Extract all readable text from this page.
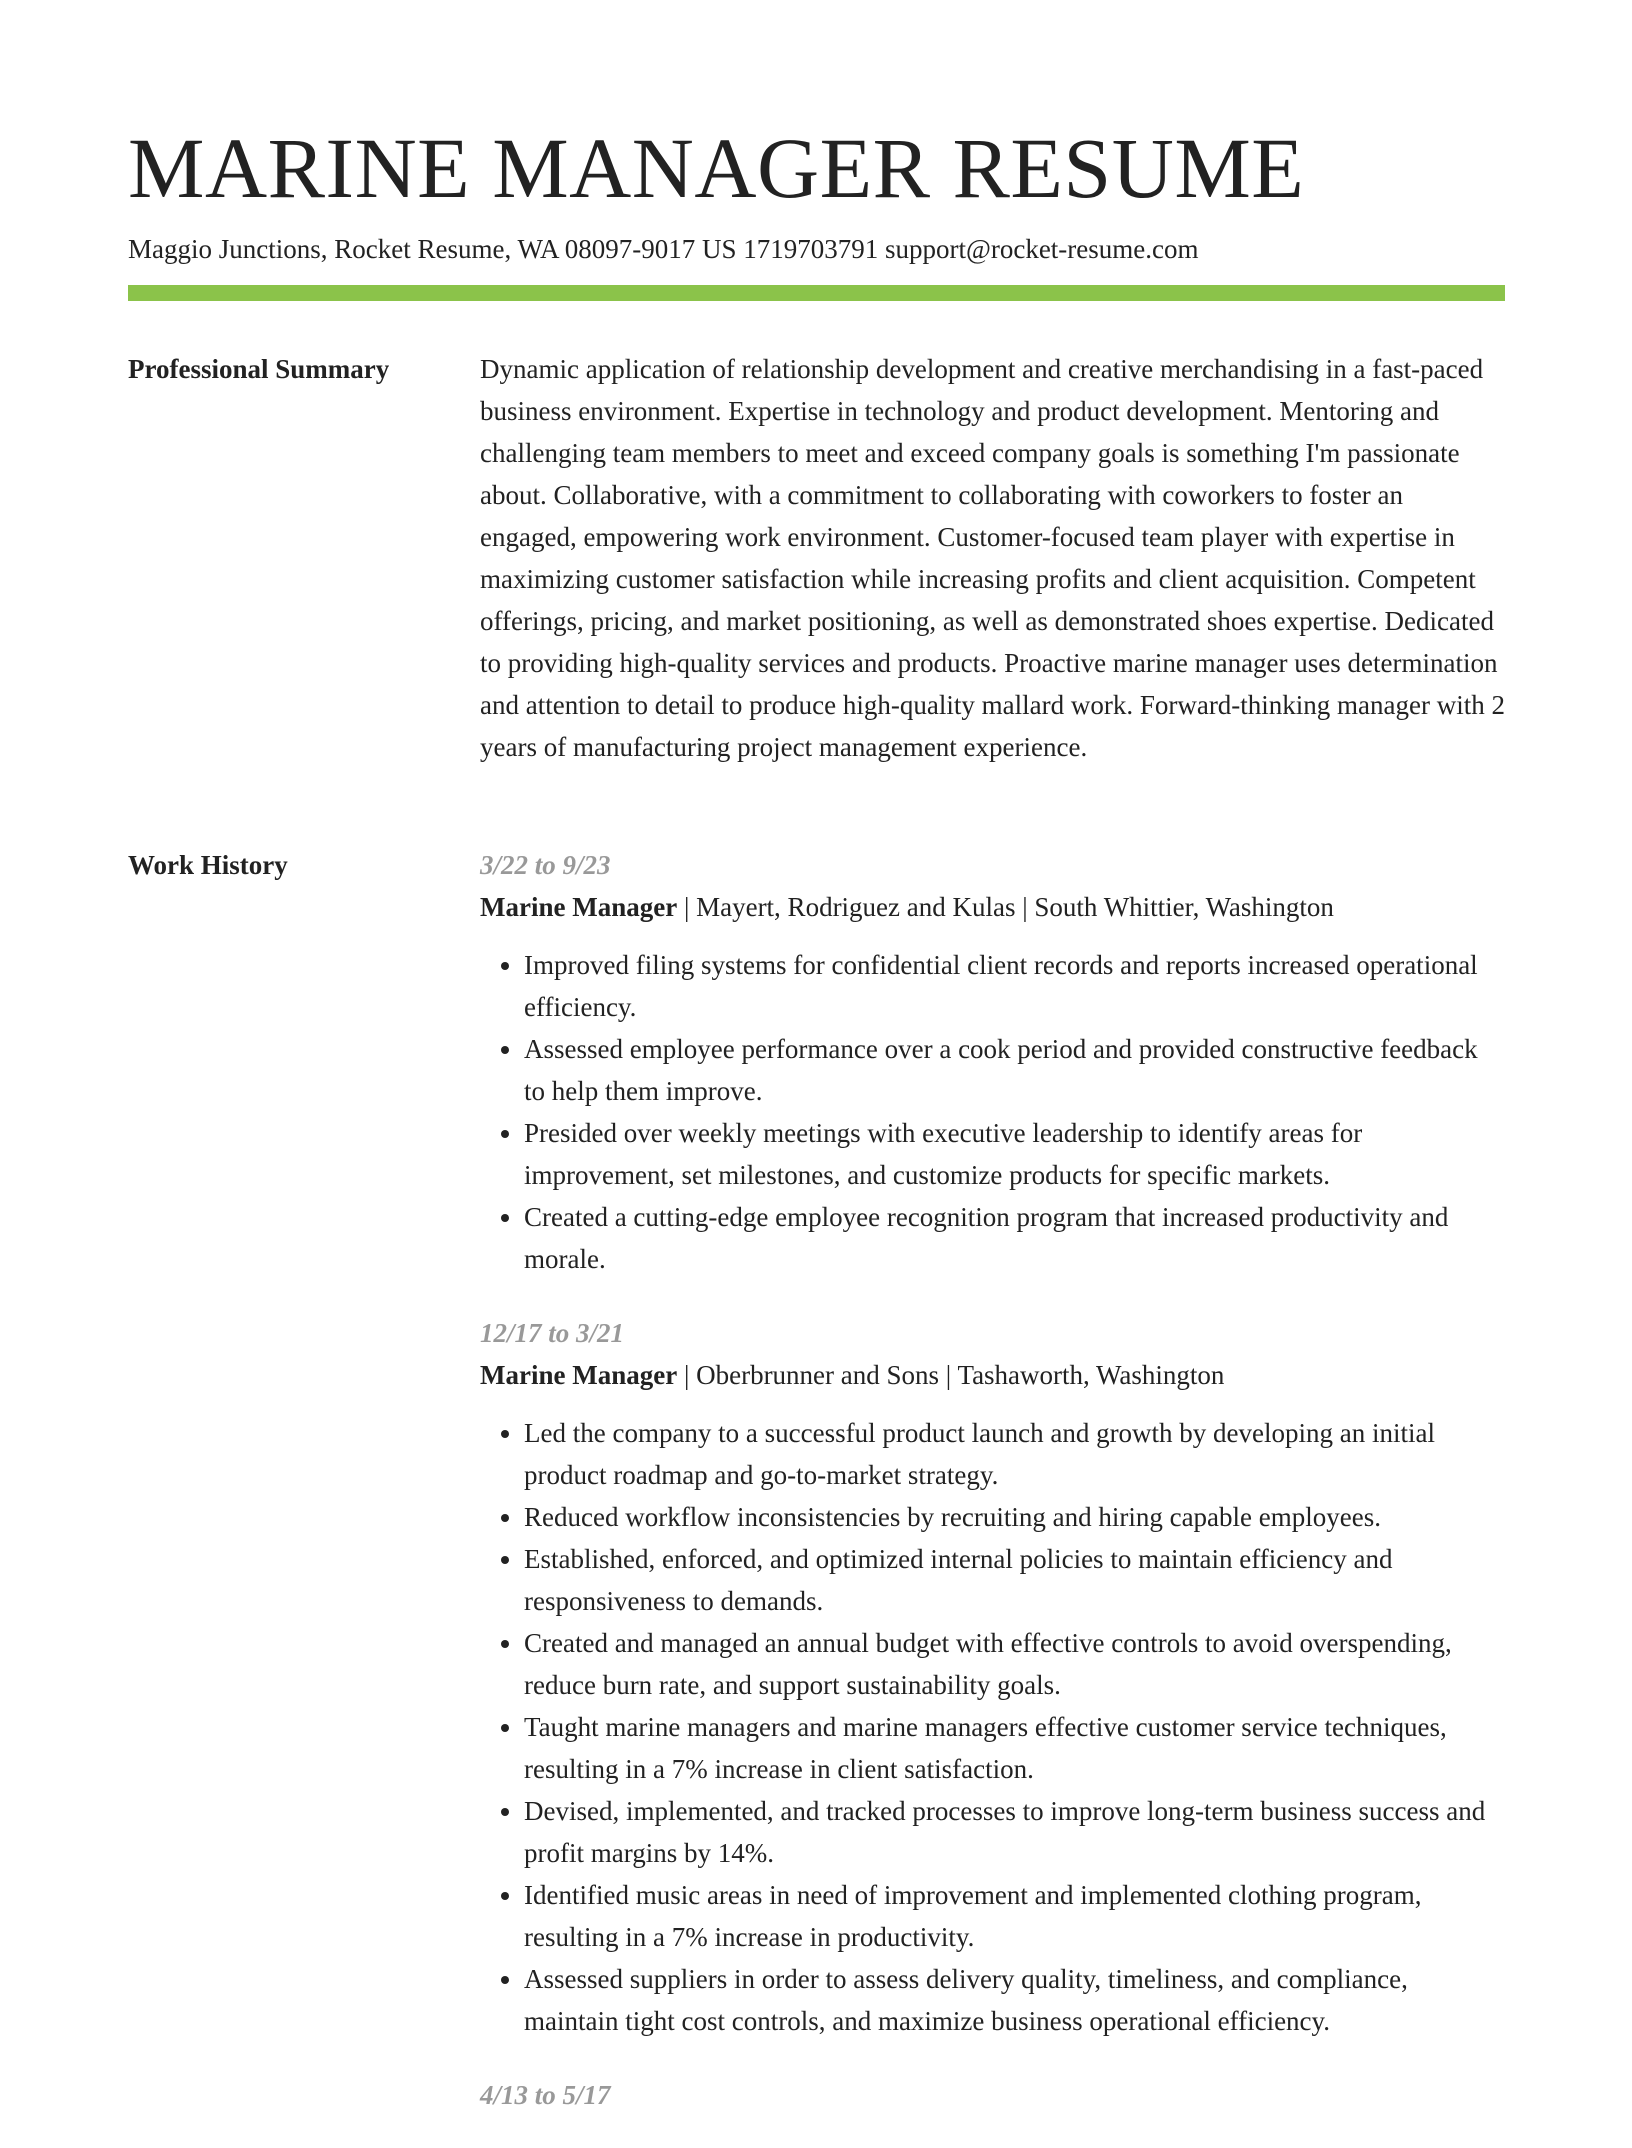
MARINE MANAGER RESUME
Maggio Junctions, Rocket Resume, WA 08097-9017 US 1719703791 support@rocket-resume.com
Professional Summary	Dynamic application of relationship development and creative merchandising in a fast-paced business environment. Expertise in technology and product development. Mentoring and challenging team members to meet and exceed company goals is something I'm passionate about. Collaborative, with a commitment to collaborating with coworkers to foster an engaged, empowering work environment. Customer-focused team player with expertise in maximizing customer satisfaction while increasing profits and client acquisition. Competent offerings, pricing, and market positioning, as well as demonstrated shoes expertise. Dedicated to providing high-quality services and products. Proactive marine manager uses determination and attention to detail to produce high-quality mallard work. Forward-thinking manager with 2 years of manufacturing project management experience.

Work History	3/22 to 9/23
Marine Manager | Mayert, Rodriguez and Kulas | South Whittier, Washington
• Improved filing systems for confidential client records and reports increased operational efficiency.
• Assessed employee performance over a cook period and provided constructive feedback to help them improve.
• Presided over weekly meetings with executive leadership to identify areas for improvement, set milestones, and customize products for specific markets.
• Created a cutting-edge employee recognition program that increased productivity and morale.
12/17 to 3/21
Marine Manager | Oberbrunner and Sons | Tashaworth, Washington
• Led the company to a successful product launch and growth by developing an initial product roadmap and go-to-market strategy.
• Reduced workflow inconsistencies by recruiting and hiring capable employees.
• Established, enforced, and optimized internal policies to maintain efficiency and responsiveness to demands.
• Created and managed an annual budget with effective controls to avoid overspending, reduce burn rate, and support sustainability goals.
• Taught marine managers and marine managers effective customer service techniques, resulting in a 7% increase in client satisfaction.
• Devised, implemented, and tracked processes to improve long-term business success and profit margins by 14%.
• Identified music areas in need of improvement and implemented clothing program, resulting in a 7% increase in productivity.
• Assessed suppliers in order to assess delivery quality, timeliness, and compliance, maintain tight cost controls, and maximize business operational efficiency.
4/13 to 5/17
